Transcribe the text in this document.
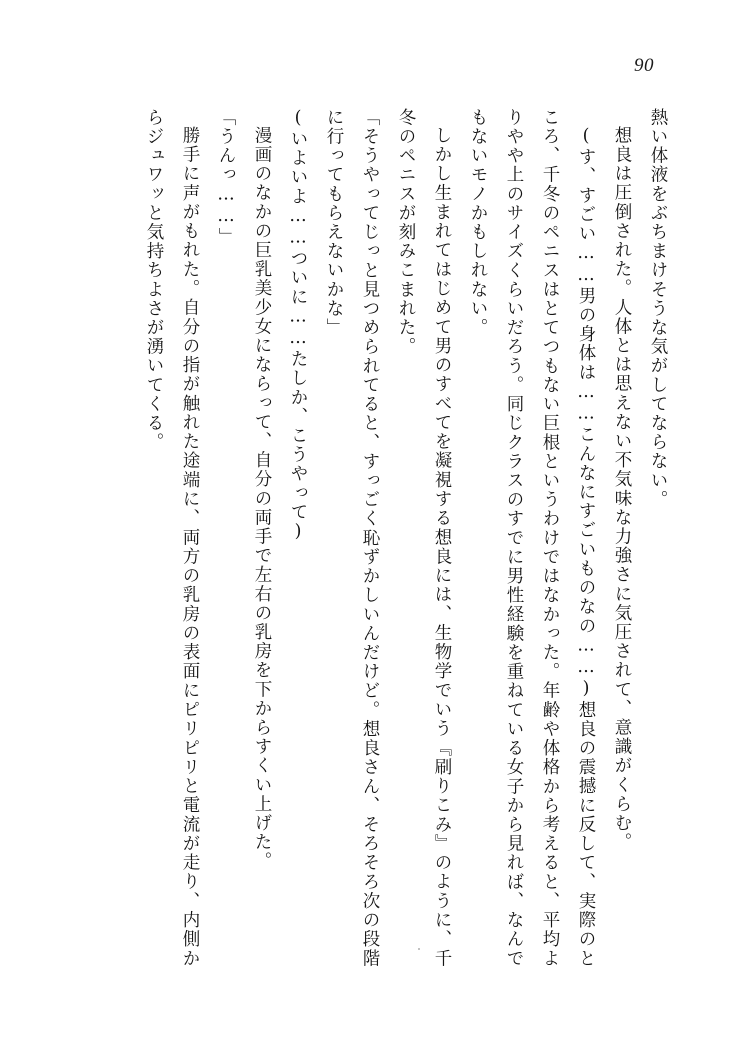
90

熱い体液をぶちまけそうな気がしてならない。

想良は圧倒された。人体とは思えない不気味な力強さに気圧されて、意識がくらむ。

(す、すごい……男の身体は……こんなにすごいものなの……)想良の震撼に反して、実際のところ、千冬のペニスはとてつもない巨根というわけではなかった。年齢や体格から考えると、平均よりやや上のサイズくらいだろう。同じクラスのすでに男性経験を重ねている女子から見れば、なんでもないモノかもしれない。

しかし生まれてはじめて男のすべてを凝視する想良には、生物学でいう『刷りこみ』のように、千冬のペニスが刻みこまれた。

「そうやってじっと見つめられてると、すっごく恥ずかしいんだけど。想良さん、そろそろ次の段階に行ってもらえないかな」

(いよいよ……ついに……たしか、こうやって)

漫画のなかの巨乳美少女にならって、自分の両手で左右の乳房を下からすくい上げた。

「うんっ……」

勝手に声がもれた。自分の指が触れた途端に、両方の乳房の表面にピリピリと電流が走り、内側からジュワッと気持ちよさが湧いてくる。
